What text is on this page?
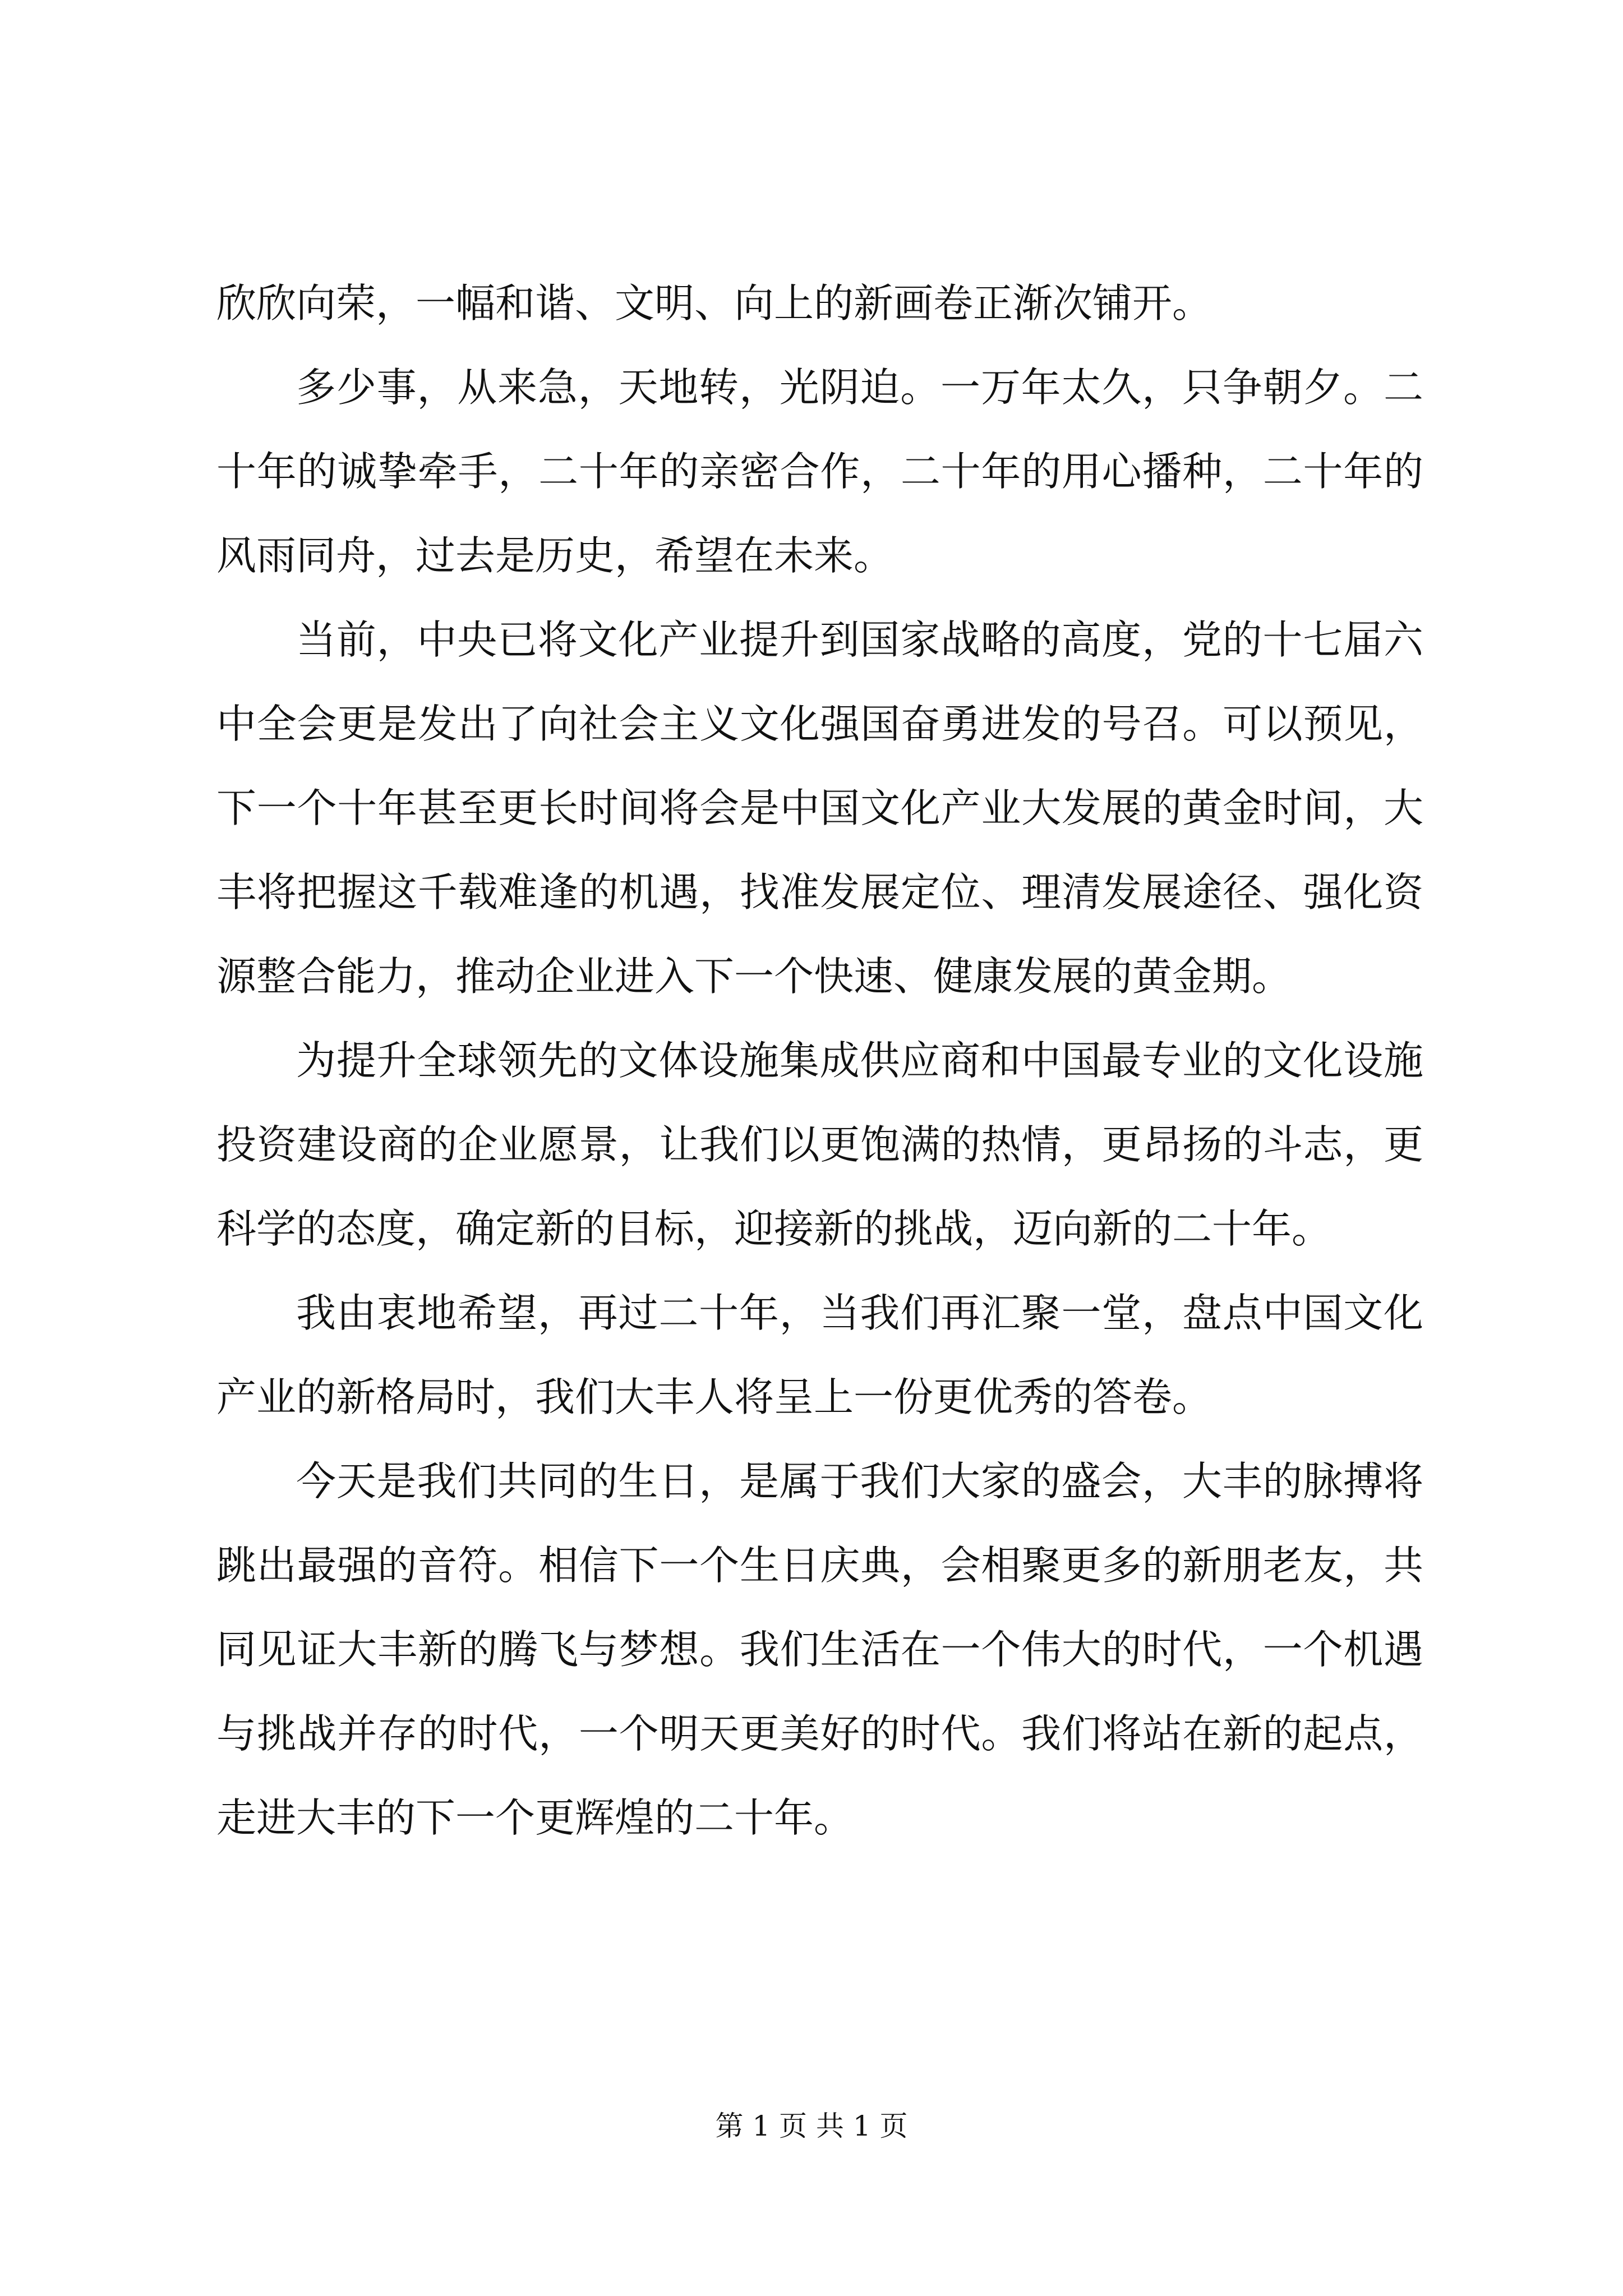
欣欣向荣，一幅和谐、文明、向上的新画卷正渐次铺开。

多少事，从来急，天地转，光阴迫。一万年太久，只争朝夕。二十年的诚挚牵手，二十年的亲密合作，二十年的用心播种，二十年的风雨同舟，过去是历史，希望在未来。

当前，中央已将文化产业提升到国家战略的高度，党的十七届六中全会更是发出了向社会主义文化强国奋勇进发的号召。可以预见，下一个十年甚至更长时间将会是中国文化产业大发展的黄金时间，大丰将把握这千载难逢的机遇，找准发展定位、理清发展途径、强化资源整合能力，推动企业进入下一个快速、健康发展的黄金期。

为提升全球领先的文体设施集成供应商和中国最专业的文化设施投资建设商的企业愿景，让我们以更饱满的热情，更昂扬的斗志，更科学的态度，确定新的目标，迎接新的挑战，迈向新的二十年。

我由衷地希望，再过二十年，当我们再汇聚一堂，盘点中国文化产业的新格局时，我们大丰人将呈上一份更优秀的答卷。

今天是我们共同的生日，是属于我们大家的盛会，大丰的脉搏将跳出最强的音符。相信下一个生日庆典，会相聚更多的新朋老友，共同见证大丰新的腾飞与梦想。我们生活在一个伟大的时代，一个机遇与挑战并存的时代，一个明天更美好的时代。我们将站在新的起点，走进大丰的下一个更辉煌的二十年。

第 1 页 共 1 页
